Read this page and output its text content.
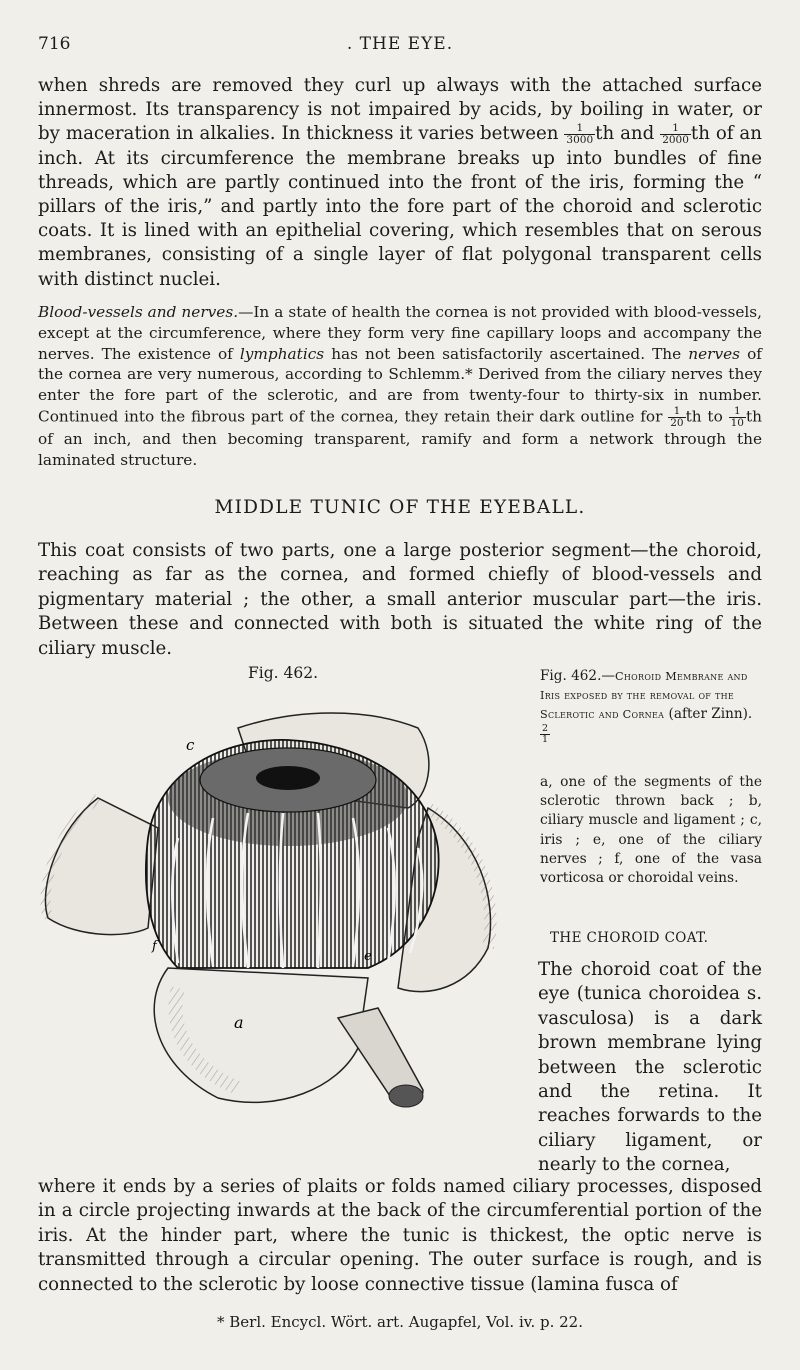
716	. THE EYE.
when shreds are removed they curl up always with the attached surface innermost. Its transparency is not impaired by acids, by boiling in water, or by maceration in alkalies. In thickness it varies between $\frac{1}{3000}$ th and $\frac{1}{2000}$ th of an inch. At its circumference the membrane breaks up into bundles of fine threads, which are partly continued into the front of the iris, forming the “ pillars of the iris,” and partly into the fore part of the choroid and sclerotic coats. It is lined with an epithelial covering, which resembles that on serous membranes, consisting of a single layer of flat polygonal transparent cells with distinct nuclei.
Blood-vessels and nerves.—In a state of health the cornea is not provided with blood-vessels, except at the circumference, where they form very fine capillary loops and accompany the nerves. The existence of lymphatics has not been satisfactorily ascertained. The nerves of the cornea are very numerous, according to Schlemm.* Derived from the ciliary nerves they enter the fore part of the sclerotic, and are from twenty-four to thirty-six in number. Continued into the fibrous part of the cornea, they retain their dark outline for $\frac{1}{20}$ th to $\frac{1}{10}$ th of an inch, and then becoming transparent, ramify and form a network through the laminated structure.
MIDDLE TUNIC OF THE EYEBALL.
This coat consists of two parts, one a large posterior segment—the choroid, reaching as far as the cornea, and formed chiefly of blood-vessels and pigmentary material ; the other, a small anterior muscular part—the iris. Between these and connected with both is situated the white ring of the ciliary muscle.
Fig. 462.
c
f
e
a
Fig. 462.—Choroid Membrane and Iris exposed by the removal of the Sclerotic and Cornea (after Zinn).
$\frac{2}{1}$
a, one of the segments of the sclerotic thrown back ; b, ciliary muscle and ligament ; c, iris ; e, one of the ciliary nerves ; f, one of the vasa vorticosa or choroidal veins.
THE CHOROID COAT.
The choroid coat of the eye (tunica choroidea s. vasculosa) is a dark brown membrane lying between the sclerotic and the retina. It reaches forwards to the ciliary ligament, or nearly to the cornea,
where it ends by a series of plaits or folds named ciliary processes, disposed in a circle projecting inwards at the back of the circumferential portion of the iris. At the hinder part, where the tunic is thickest, the optic nerve is transmitted through a circular opening. The outer surface is rough, and is connected to the sclerotic by loose connective tissue (lamina fusca of
* Berl. Encycl. Wört. art. Augapfel, Vol. iv. p. 22.
